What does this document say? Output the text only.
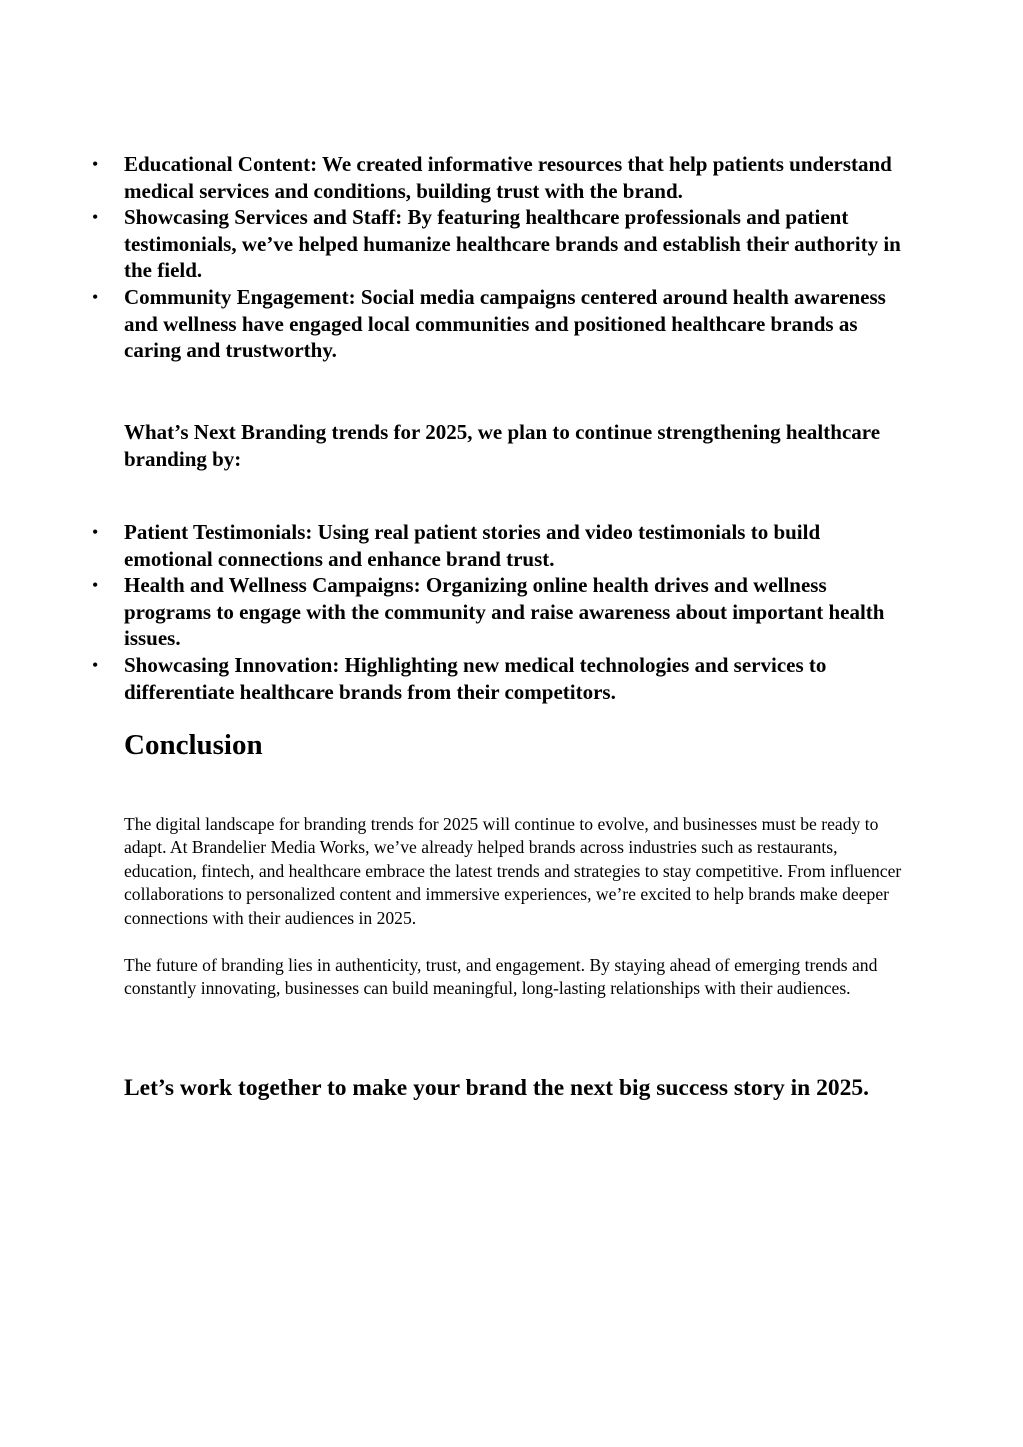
• Educational Content: We created informative resources that help patients understand medical services and conditions, building trust with the brand.
• Showcasing Services and Staff: By featuring healthcare professionals and patient testimonials, we’ve helped humanize healthcare brands and establish their authority in the field.
• Community Engagement: Social media campaigns centered around health awareness and wellness have engaged local communities and positioned healthcare brands as caring and trustworthy.

What’s Next Branding trends for 2025, we plan to continue strengthening healthcare branding by:

• Patient Testimonials: Using real patient stories and video testimonials to build emotional connections and enhance brand trust.
• Health and Wellness Campaigns: Organizing online health drives and wellness programs to engage with the community and raise awareness about important health issues.
• Showcasing Innovation: Highlighting new medical technologies and services to differentiate healthcare brands from their competitors.
Conclusion

The digital landscape for branding trends for 2025 will continue to evolve, and businesses must be ready to adapt. At Brandelier Media Works, we’ve already helped brands across industries such as restaurants, education, fintech, and healthcare embrace the latest trends and strategies to stay competitive. From influencer collaborations to personalized content and immersive experiences, we’re excited to help brands make deeper connections with their audiences in 2025.

The future of branding lies in authenticity, trust, and engagement. By staying ahead of emerging trends and constantly innovating, businesses can build meaningful, long-lasting relationships with their audiences.

Let’s work together to make your brand the next big success story in 2025.
